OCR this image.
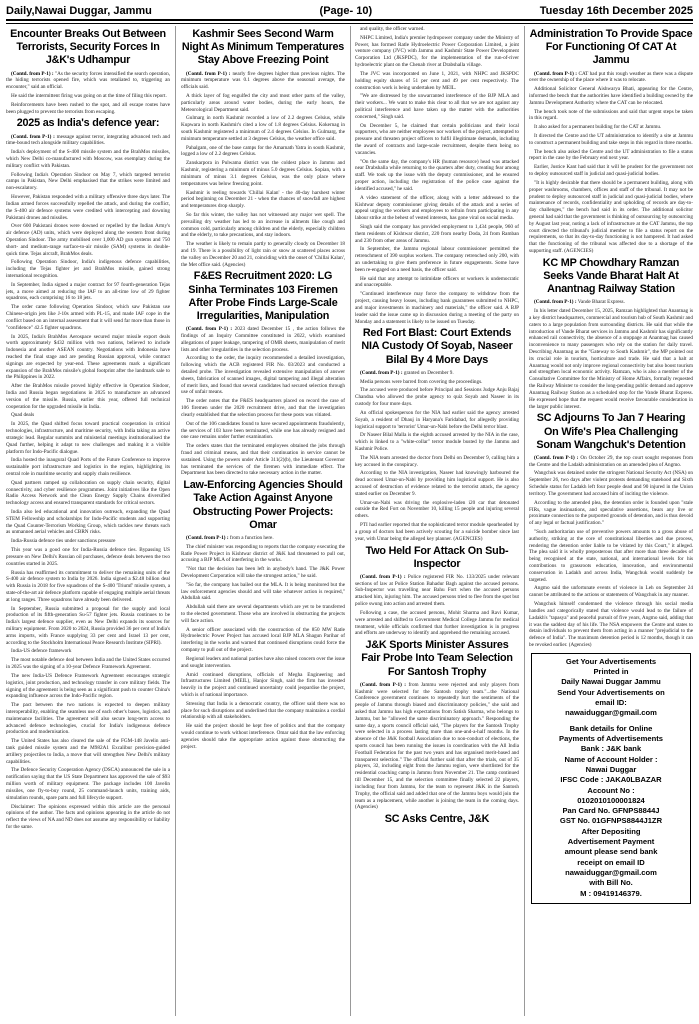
Daily,Nawai Duggar, Jammu	(Page- 10)	Tuesday 16th December 2025
Encounter Breaks Out Between Terrorists, Security Forces In J&K's Udhampur

(Contd. from P-1) : "As the security forces intensified the search operation, the hiding terrorists opened fire, which was retaliated to, triggering an encounter," said an official.

He said the intermittent firing was going on at the time of filing this report.

Reinforcements have been rushed to the spot, and all escape routes have been plugged to prevent the terrorists from escaping.

2025 as India's defence year:

(Contd. from P-1) : message against terror, integrating advanced tech and time-bound tech alongside military capabilities.

India's deployment of the S-400 missile system and the BrahMos missiles, which New Delhi co-manufactured with Moscow, was exemplary during the military conflict with Pakistan.

Following India's Operation Sindoor on May 7, which targeted terrorist camps in Pakistan, New Delhi emphasised that the strikes were limited and non-escalatory.

However, Pakistan responded with a military offensive three days later. The Indian armed forces successfully repelled the attack, and during the conflict, the S-400 air defence systems were credited with intercepting and downing Pakistani drones and missiles.

Over 600 Pakistani drones were downed or repelled by the Indian Army's air defence (AD) units, which were deployed along the western front during Operation Sindoor. The army mobilised over 1,000 AD gun systems and 750 short- and medium-range surface-to-air missile (SAM) systems in double-quick time. Tejas aircraft, BrahMos deals.

Following Operation Sindoor, India's indigenous defence capabilities, including the Tejas fighter jet and BrahMos missile, gained strong international recognition.

In September, India signed a major contract for 97 fourth-generation Tejas jets, a move aimed at reducing the IAF to an all-time low of 29 fighter squadrons, each comprising 16 to 18 jets.

The order came following Operation Sindoor, which saw Pakistan use Chinese-origin jets like J-10s armed with PL-15, and made IAF cope in the conflict based on an internal assessment that it will send far more than those in "confidence" 42.5 fighter squadrons.

In 2025, India's BrahMos Aerospace secured major missile export deals worth approximately $432 million with two nations, believed to include Indonesia and another ASEAN country. Negotiations with Indonesia have reached the final stage and are pending Russian approval, while contract signings are expected by year-end. These agreements mark a significant expansion of the BrahMos missile's global footprint after the landmark sale to the Philippines in 2022.

After the BrahMos missile proved highly effective in Operation Sindoor, India and Russia began negotiations in 2025 to manufacture an advanced version of the missile. Russia, earlier this year, offered full technical cooperation for the upgraded missile in India.

Quad deals

In 2025, the Quad shifted focus toward practical cooperation in critical technologies, infrastructure, and maritime security, with India taking an active strategic lead. Regular summits and ministerial meetings institutionalised the Quad further, helping it adapt to new challenges and making it a visible platform for Indo-Pacific dialogue.

India hosted the inaugural Quad Ports of the Future Conference to improve sustainable port infrastructure and logistics in the region, highlighting its central role in maritime security and supply chain resilience.

Quad partners ramped up collaboration on supply chain security, digital connectivity, and cyber resilience programmes. Joint initiatives like the Open Radio Access Network and the Clean Energy Supply Chains diversified technology access and ensured transparent standards for critical sectors.

India also led educational and innovation outreach, expanding the Quad STEM Fellowship and scholarships for Indo-Pacific students and supporting the Quad Counter-Terrorism Working Group, which tackles new threats such as unmanned aerial vehicles and CBRN risks.

India-Russia defence ties under sanctions pressure

This year was a good one for India-Russia defence ties. Bypassing US pressure on New Delhi's Russian oil purchases, defence deals between the two countries started in 2025.

Russia has reaffirmed its commitment to deliver the remaining units of the S-400 air defence system to India by 2026. India signed a $2.48 billion deal with Russia in 2018 for five squadrons of the S-400 'Triumf' missile system, a state-of-the-art air defence platform capable of engaging multiple aerial threats at long ranges. Three squadrons have already been delivered.

In September, Russia submitted a proposal for the supply and local production of its fifth-generation Su-57 fighter jets. Russia continues to be India's largest defence supplier, even as New Delhi expands its sources for military equipment. From 2020 to 2024, Russia provided 36 per cent of India's arms imports, with France supplying 33 per cent and Israel 13 per cent, according to the Stockholm International Peace Research Institute (SIPRI).

India-US defence framework

The most notable defence deal between India and the United States occurred in 2025 was the signing of a 10-year Defence Framework Agreement.

The new India-US Defence Framework Agreement encourages strategic logistics, joint production, and technology transfer in core military fields. The signing of the agreement is being seen as a significant push to counter China's expanding influence across the Indo-Pacific region.

The pact between the two nations is expected to deepen military interoperability, enabling the seamless use of each other's bases, logistics, and maintenance facilities. The agreement will also secure long-term access to advanced defence technologies, crucial for India's indigenous defence production and modernisation.

The United States has also cleared the sale of the FGM-148 Javelin anti-tank guided missile system and the M982A1 Excalibur precision-guided artillery projectiles to India, a move that will strengthen New Delhi's military capabilities.

The Defence Security Cooperation Agency (DSCA) announced the sale in a notification saying that the US State Department has approved the sale of $93 million worth of military equipment. The package includes 100 Javelin missiles, one fly-to-buy round, 25 command-launch units, training aids, simulation rounds, spare parts and full lifecycle support.

Disclaimer: The opinions expressed within this article are the personal opinions of the author. The facts and opinions appearing in the article do not reflect the views of NA and ND does not assume any responsibility or liability for the same.

Kashmir Sees Second Warm Night As Minimum Temperatures Stay Above Freezing Point

(Contd. from P-1) : nearly five degrees higher than previous nights. The minimum temperature was 0.1 degrees above the seasonal average, the officials said.

A thick layer of fog engulfed the city and most other parts of the valley, particularly areas around water bodies, during the early hours, the Meteorological Department said.

Gulmarg in north Kashmir recorded a low of 2.2 degrees Celsius, while Kupwara in north Kashmir's cited a low of 1.8 degrees Celsius. Kokernag in south Kashmir registered a minimum of 2.4 degrees Celsius. In Gulmarg, the minimum temperature settled at 3 degrees Celsius, the weather office said.

Pahalgam, one of the base camps for the Amarnath Yatra in south Kashmir, logged a low of 2.2 degrees Celsius.

Zanskarpora in Pulwama district was the coldest place in Jammu and Kashmir, registering a minimum of minus 5.0 degrees Celsius. Sopian, with a minimum of minus 3.1 degrees Celsius, was the only place where temperatures was below freezing point.

Kashmir is reeling towards 'Chillai Kalan' - the 40-day harshest winter period beginning on December 21 - when the chances of snowfall are highest and temperatures drop sharply.

So far this winter, the valley has not witnessed any major wet spell. The prevailing dry weather has led to an increase in ailments like cough and common cold, particularly among children and the elderly, especially children and the elderly, to take precautions, and stay indoors.

The weather is likely to remain partly to generally cloudy on December 18 and 19. There is a possibility of light rain or snow at scattered places across the valley on December 20 and 21, coinciding with the onset of 'Chillai Kalan', the Met office said. (Agencies)

F&ES Recruitment 2020: LG Sinha Terminates 103 Firemen After Probe Finds Large-Scale Irregularities, Manipulation

(Contd. from P-1) : 2023 dated December 15 , the action follows the findings of an Inquiry Committee constituted in 2022, which examined allegations of paper leakage, tampering of OMR sheets, manipulation of merit lists and other irregularities in the selection process.

According to the order, the inquiry recommended a detailed investigation, following which the ACB registered FIR No. 03/2023 and conducted a detailed probe. The investigation revealed extensive manipulation of answer sheets, fabrication of scanned images, digital tampering and illegal alteration of merit lists, and found that several candidates had secured selection through use of unfair means.

The order notes that the F&ES headquarters placed on record the case of 106 firemen under the 2020 recruitment drive, and that the investigation clearly established that the selection process for these posts was vitiated.

Out of the 106 candidates found to have secured appointments fraudulently, the services of 103 have been terminated, while one has already resigned and one case remains under further examination.

The orders states that the terminated employees obtained the jobs through fraud and criminal means, and that their continuation in service cannot be sustained. Using the powers under Article 311(2)(b), the Lieutenant Governor has terminated the services of the firemen with immediate effect. The Department has been directed to take necessary action in the matter.

Law-Enforcing Agencies Should Take Action Against Anyone Obstructing Power Projects: Omar

(Contd. from P-1) : from a function here.

The chief minister was responding to reports that the company executing the Ratle Power Project in Kishtwar district of J&K had threatened to pull out, accusing a BJP MLA of interfering in the works.

"Not that the decision has been left in anybody's hand. The J&K Power Development Corporation will take the strongest action," he said.

"So far, the company has bailed out the MLA. It is being monitored but the law enforcement agencies should and will take whatever action is required," Abdullah said.

Abdullah said there are several departments which are yet to be transferred to the elected government. Those who are involved in obstructing the projects will face action.

A senior officer associated with the construction of the 850 MW Ratle Hydroelectric Power Project has accused local BJP MLA Shagun Parihar of interfering in the works and warned that continued disruptions could force the company to pull out of the project.

Regional leaders and national parties have also raised concern over the issue and sought intervention.

Amid continued disruptions, officials of Megha Engineering and Infrastructures Limited (MEIL), Hanjor Singh, said the firm has invested heavily in the project and continued uncertainty could jeopardise the project, which is of national importance.

Stressing that India is a democratic country, the officer said there was no place for such disruptions and underlined that the company maintains a cordial relationship with all stakeholders.

He said the project should be kept free of politics and that the company would continue to work without interference. Omar said that the law enforcing agencies should take the appropriate action against those obstructing the project.

and quality, the officer warned.

NHPC Limited, India's premier hydropower company under the Ministry of Power, has formed Ratle Hydroelectric Power Corporation Limited, a joint venture company (JVC) with Jammu and Kashmir State Power Development Corporation Ltd (JKSPDC), for the implementation of the run-of-river hydroelectric plant on the Chenab river at Drabshalla village.

The JVC was incorporated on June 1, 2021, with NHPC and JKSPDC holding equity shares of 51 per cent and 49 per cent respectively. The construction work is being undertaken by MEIL.

"We are distressed by the unwarranted interference of the BJP MLA and their workers... We want to make this clear to all that we are not against any political interference and have taken up the matter with the authorities concerned," Singh said.

On December 5, he claimed that certain politicians and their local supporters, who are neither employees nor workers of the project, attempted to pressure and threaten project officers to fulfil illegitimate demands, including the award of contracts and large-scale recruitment, despite them being no vacancies.

"On the same day, the company's HR (human resource) head was attacked near Drabshalla while returning to the quarters after duty, creating fear among staff. We took up the issue with the deputy commissioner, and he ensured proper action, including the registration of the police case against the identified accused," he said.

A video statement of the officer, along with a letter addressed to the Kishtwar deputy commissioner giving details of the attack and a series of appeal urging the workers and employees to refrain from participating in any labour strike at the behest of vested interests, has gone viral on social media.

Singh said the company has provided employment to 1,434 people, 960 of them residents of Kishtwar district, 220 from nearby Doda, 24 from Ramban and 230 from other areas of Jammu.

In September, the Jammu regional labour commissioner permitted the retrenchment of 390 surplus workers. The company retrenched only 200, with an undertaking to give them preference in future engagements. Some have been re-engaged on a need basis, the officer said.

He said that any attempt to intimidate officers or workers is undemocratic and unacceptable.

"Continued interference may force the company to withdraw from the project, causing heavy losses, including bank guarantees submitted to NHPC, and major investments in machinery and materials," the officer said. A BJP leader said the issue came up in discussion during a meeting of the party on Monday and a statement is likely to be issued on Tuesday.

Red Fort Blast: Court Extends NIA Custody Of Soyab, Naseer Bilal By 4 More Days

(Contd. from P-1) : granted on December 9.

Media persons were barred from covering the proceedings.

The accused were produced before Principal and Sessions Judge Anju Bajaj Chandna who allowed the probe agency to quiz Soyab and Naseer in its custody for four more days.

An official spokesperson for the NIA had earlier said the agency arrested Soyab, a resident of Dhauj in Haryana's Faridabad, for allegedly providing logistical support to 'terrorist' Umar-un-Nabi before the Delhi terror blast.

Dr Naseer Bilal Malla is the eighth accused arrested by the NIA in the case, which is linked to a "white-collar" terror module busted by the Jammu and Kashmir Police.

The NIA team arrested the doctor from Delhi on December 9, calling him a key accused in the conspiracy.

According to the NIA investigation, Naseer had knowingly harboured the dead accused Umar-un-Nabi by providing him logistical support. He is also accused of destruction of evidence related to the terrorist attack, the agency stated earlier on December 9.

Umar-un-Nabi was driving the explosive-laden i20 car that detonated outside the Red Fort on November 10, killing 15 people and injuring several others.

PTI had earlier reported that the sophisticated terror module spearheaded by a group of doctors had been actively scouting for a suicide bomber since last year, with Umar being the alleged key planner. (AGENCIES)

Two Held For Attack On Sub-Inspector

(Contd. from P-1) : Police registered FIR No. 133/2025 under relevant sections of law at Police Station Bahadur Bagh against the accused persons. Sub-Inspector was travelling near Bahu Fort when the accused persons attacked him, injuring him. The accused persons tried to flee from the spot but police swung into action and arrested them.

Following a case, the accused persons, Mohit Sharma and Ravi Kumar, were arrested and shifted to Government Medical College Jammu for medical treatment, while officials confirmed that further investigation is in progress and efforts are underway to identify and apprehend the remaining accused.

J&K Sports Minister Assures Fair Probe Into Team Selection For Santosh Trophy

(Contd. from P-1) : from Jammu were rejected and only players from Kashmir were selected for the Santosh trophy team."...the National Conference government continues to repeatedly hurt the sentiments of the people of Jammu through biased and discriminatory policies," she said and asked that Jammu has high expectations from Satish Sharma, who belongs to Jammu, but he "allowed the same discriminatory approach." Responding the same day, a sports council official said, "The players for the Santosh Trophy were selected in a process lasting more than one-and-a-half months. In the absence of the J&K football Association due to non-conduct of elections, the sports council has been running the issues in coordination with the All India Football Federation for the past two years and has organised merit-based and transparent selection." The official further said that after the trials, out of 35 players, 32, including eight from the Jammu region, were shortlisted for the residential coaching camp in Jammu from November 21. The camp continued till December 15, and the selection committee finally selected 22 players, including four from Jammu, for the team to represent J&K in the Santosh Trophy, the official said and added that one of the Jammu boys would join the team as a replacement, while another is joining the team in the coming days. (Agencies)

SC Asks Centre, J&K
Administration To Provide Space For Functioning Of CAT At Jammu

(Contd. from P-1) : CAT had put this rough weather as there was a dispute over the ownership of the place where it was to relocate.

Additional Solicitor General Aishwarya Bhati, appearing for the Centre, informed the bench that the authorities have identified a building owned by the Jammu Development Authority where the CAT can be relocated.

The bench took note of the submissions and said that urgent steps be taken in this regard.

It also asked for a permanent building for the CAT at Jammu.

It directed the Centre and the UT administration to identify a site at Jammu to construct a permanent building and take steps in this regard in three months.

The bench also asked the Centre and the UT administration to file a status report in the case by the February end next year.

Earlier, Justice Kant had said that it will be prudent for the government not to deploy outsourced staff in judicial and quasi-judicial bodies.

"It is highly desirable that there should be a permanent building, along with proper washrooms, chambers, offices and staff of the tribunal. It may not be prudent to deploy outsourced staff in judicial and quasi-judicial bodies, where maintenance of records, confidentiality and upholding of records are day-to-day challenges," the bench had said in its order. The additional solicitor general had said that the government is thinking of outsourcing by outsourcing by August last year, noting a lack of infrastructure at the CAT Jammu, the top court directed the tribunal's judicial member to file a status report on the requirements, so that its day-to-day functioning is not hampered. It had asked that the functioning of the tribunal was affected due to a shortage of the supporting staff. (AGENCIES)

KC MP Chowdhary Ramzan Seeks Vande Bharat Halt At Anantnag Railway Station

(Contd. from P-1) : Vande Bharat Express.

In his letter dated December 15, 2025, Ramzan highlighted that Anantnag is a key district headquarters, commercial and tourism hub of South Kashmir and caters to a large population from surrounding districts. He said that while the introduction of Vande Bharat services in Jammu and Kashmir has significantly enhanced rail connectivity, the absence of a stoppage at Anantnag has caused inconvenience to many passengers who rely on the station for daily travel. Describing Anantnag as the "Gateway to South Kashmir", the MP pointed out its crucial role in tourism, horticulture and trade. He said that a halt at Anantnag would not only improve regional connectivity but also boost tourism and strengthen local economic activity. Ramzan, who is also a member of the Consultative Committee for the Ministry of Home Affairs, formally requested the Railway Minister to consider the long-pending public demand and approve Anantnag Railway Station as a scheduled stop for the Vande Bharat Express. He expressed hope that the request would receive favourable consideration in the larger public interest.

SC Adjourns To Jan 7 Hearing On Wife's Plea Challenging Sonam Wangchuk's Detention

(Contd. from P-1) : On October 29, the top court sought responses from the Centre and the Ladakh administration on an amended plea of Angmo.

Wangchuk was detained under the stringent National Security Act (NSA) on September 26, two days after violent protests demanding statehood and Sixth Schedule status for Ladakh left four people dead and 90 injured in the Union territory. The government had accused him of inciting the violence.

According to the amended plea, the detention order is founded upon "stale FIRs, vague insinuations, and speculative assertions, bears any live or proximate connection to the purported grounds of detention, and is thus devoid of any legal or factual justification."

"Such authoritarian use of preventive powers amounts to a gross abuse of authority, striking at the core of constitutional liberties and due process, rendering the detention order liable to be vitiated by this Court," it alleged. The plea said it is wholly preposterous that after more than three decades of being recognised at the state, national, and international levels for his contributions to grassroots education, innovation, and environmental conservation in Ladakh and across India, Wangchuk would suddenly be targeted.

Angmo said the unfortunate events of violence in Leh on September 24 cannot be attributed to the actions or statements of Wangchuk in any manner.

Wangchuk himself condemned the violence through his social media handles and categorically stated that violence would lead to the failure of Ladakh's "tapasya" and peaceful pursuit of five years, Angmo said, adding that it was the saddest day of his life. The NSA empowers the Centre and states to detain individuals to prevent them from acting in a manner "prejudicial to the defence of India". The maximum detention period is 12 months, though it can be revoked earlier. (Agencies)

Get Your Advertisements
Printed in
Daily Nawai Duggar Jammu
Send Your Advertisements on
email ID:
nawaiduggar@gmail.com
Bank details for Online
Payments of Advertisements
Bank : J&K bank
Name of Account Holder :
Nawai Duggar
IFSC Code : JAKA0LBAZAR
Account No :
0102010100001824
Pan Card No. GFNPS8844J
GST No. 01GFNPS8844J1ZR
After Depositing
Advertisement Payment
amount please send bank
receipt on email ID
nawaiduggar@gmail.com
with Bill No.
M : 09419146379.
